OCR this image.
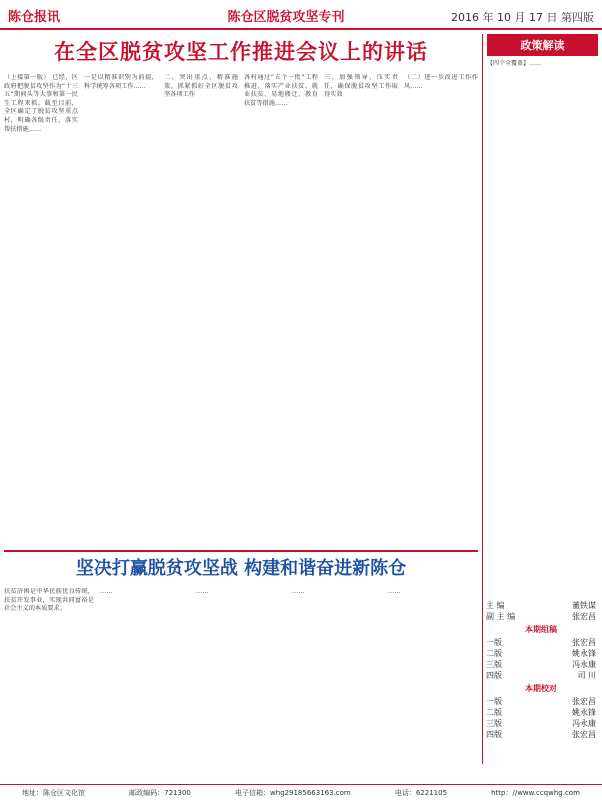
陈仓报讯	陈仓区脱贫攻坚专刊	2016 年 10 月 17 日 第四版
在全区脱贫攻坚工作推进会议上的讲话
（上接第一版） 已经，区政府把脱贫攻坚作为“十三五”期间头等大事和第一民生工程来抓。截至目前，全区确定了脱贫攻坚重点村，明确各级责任，落实帮扶措施……
一是以精准识别为前提，科学统筹各项工作……
二、突出重点，精准施策，抓紧抓好全区脱贫攻坚各项工作
各村通过“五个一批”工程推进，落实产业扶贫、就业扶贫、易地搬迁、教育扶贫等措施……
三、加强领导，压实责任，确保脱贫攻坚工作取得实效
（二）进一步改进工作作风……
政策解读
【四个全覆盖】……
主 编	董铁谋
副 主 编	张宏昌
本期组稿
一版	张宏昌
二版	姚永锋
三版	冯永康
四版	司 川
本期校对
一版	张宏昌
二版	姚永锋
三版	冯永康
四版	张宏昌
坚决打赢脱贫攻坚战 构建和谐奋进新陈仓
扶贫济困是中华民族优良传统，扶贫开发事业，实现共同富裕是社会主义的本质要求。
……	……	……	……
地址：陈仓区文化馆	邮政编码：721300	电子信箱：whg29185663163.com	电话：6221105	http：//www.ccqwhg.com
